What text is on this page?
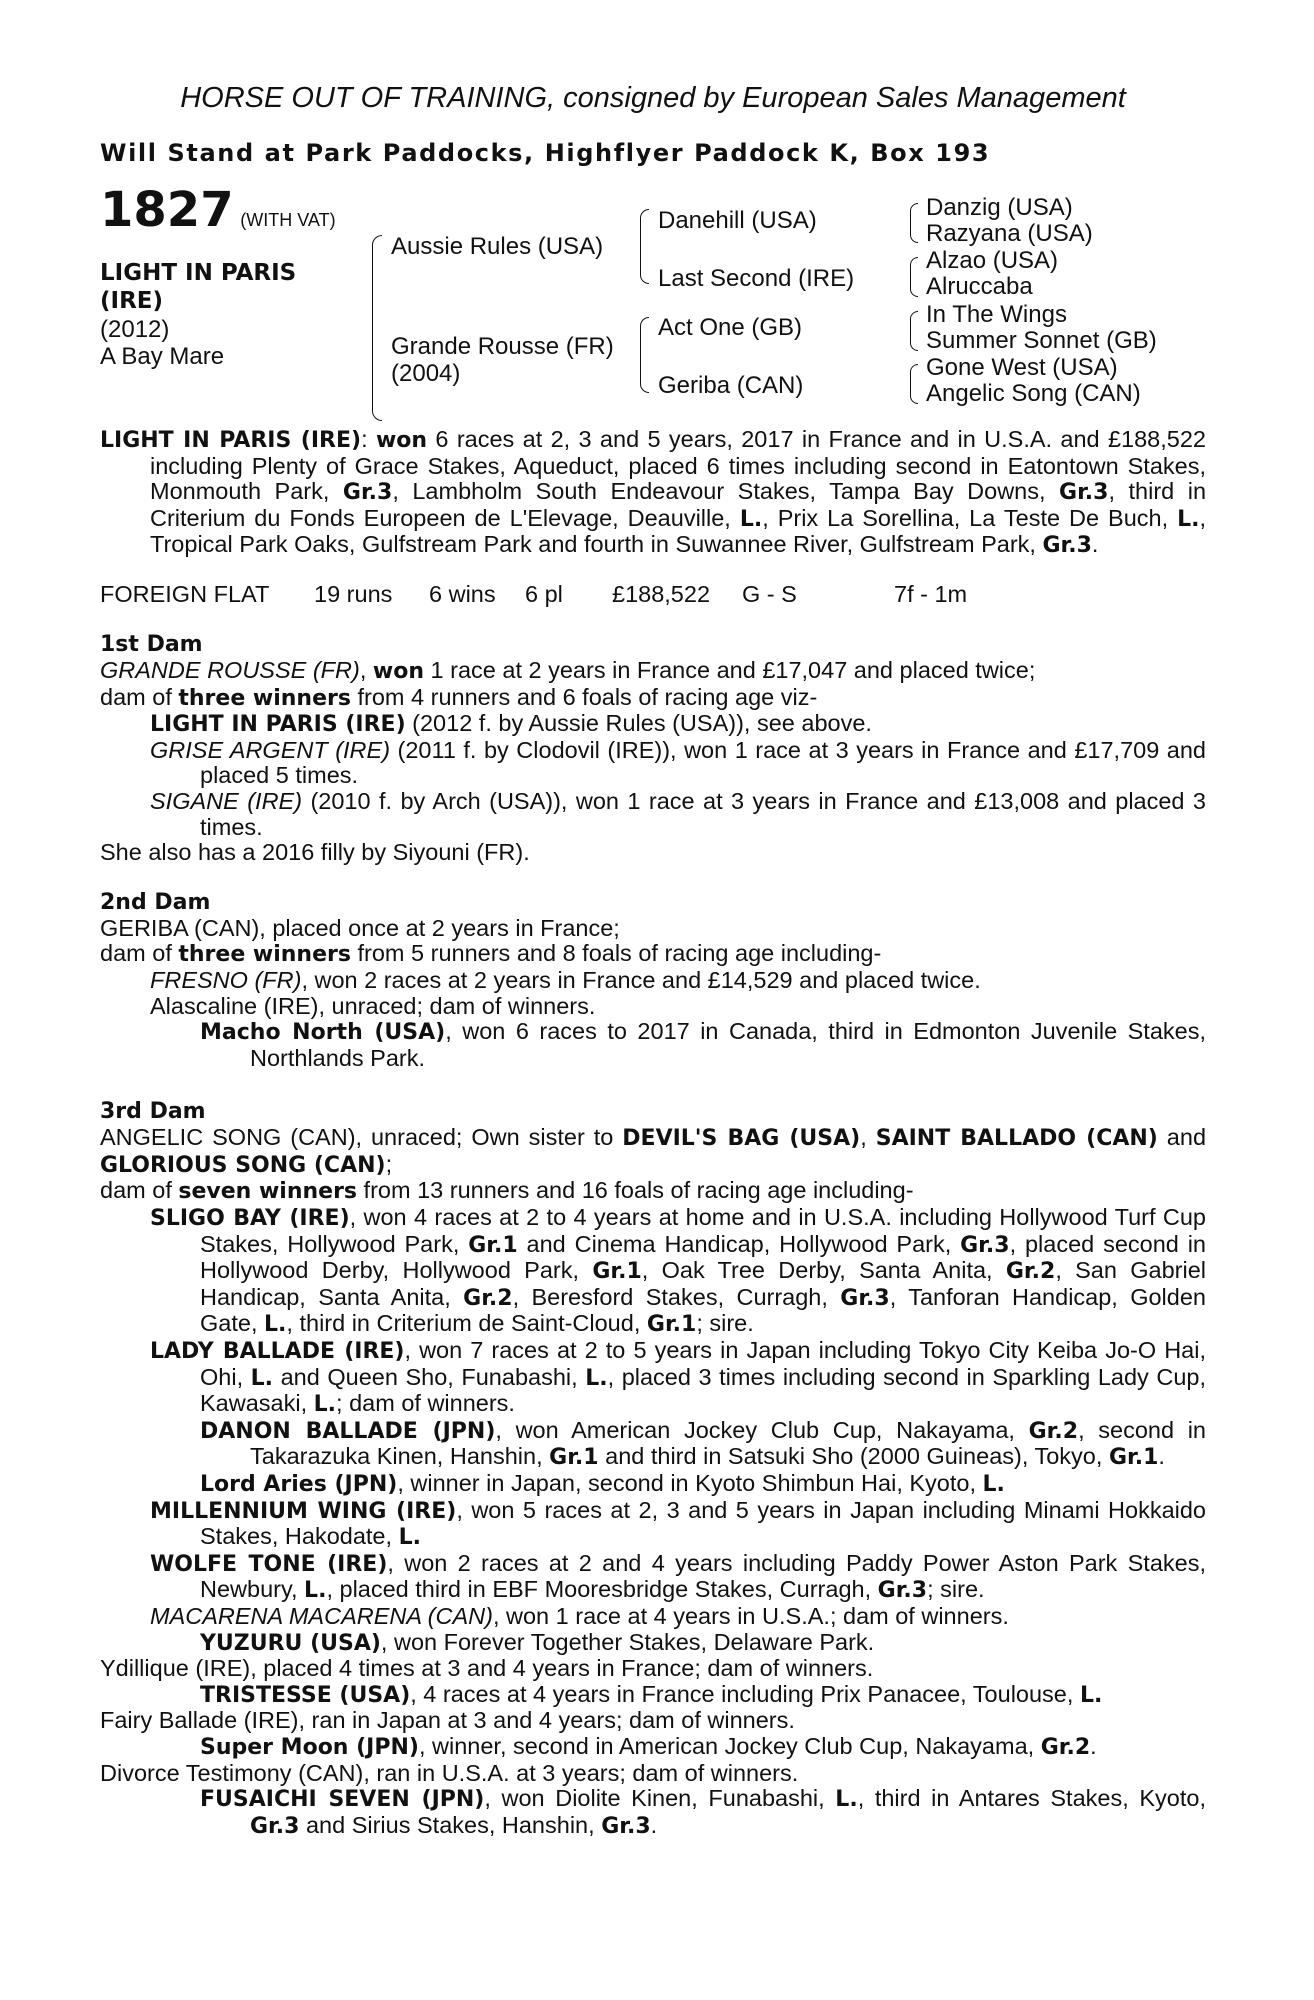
HORSE OUT OF TRAINING, consigned by European Sales Management
Will Stand at Park Paddocks, Highflyer Paddock K, Box 193
1827 (WITH VAT)
LIGHT IN PARIS
(IRE)
(2012)
A Bay Mare
Aussie Rules (USA)
Grande Rousse (FR)
(2004)
Danehill (USA)
Last Second (IRE)
Act One (GB)
Geriba (CAN)
Danzig (USA)
Razyana (USA)
Alzao (USA)
Alruccaba
In The Wings
Summer Sonnet (GB)
Gone West (USA)
Angelic Song (CAN)
LIGHT IN PARIS (IRE): won 6 races at 2, 3 and 5 years, 2017 in France and in U.S.A. and £188,522 including Plenty of Grace Stakes, Aqueduct, placed 6 times including second in Eatontown Stakes, Monmouth Park, Gr.3, Lambholm South Endeavour Stakes, Tampa Bay Downs, Gr.3, third in Criterium du Fonds Europeen de L'Elevage, Deauville, L., Prix La Sorellina, La Teste De Buch, L., Tropical Park Oaks, Gulfstream Park and fourth in Suwannee River, Gulfstream Park, Gr.3.
FOREIGN FLAT	19 runs	6 wins	6 pl	£188,522	G - S	7f - 1m
1st Dam
GRANDE ROUSSE (FR), won 1 race at 2 years in France and £17,047 and placed twice;
dam of three winners from 4 runners and 6 foals of racing age viz-
LIGHT IN PARIS (IRE) (2012 f. by Aussie Rules (USA)), see above.
GRISE ARGENT (IRE) (2011 f. by Clodovil (IRE)), won 1 race at 3 years in France and £17,709 and placed 5 times.
SIGANE (IRE) (2010 f. by Arch (USA)), won 1 race at 3 years in France and £13,008 and placed 3 times.
She also has a 2016 filly by Siyouni (FR).
2nd Dam
GERIBA (CAN), placed once at 2 years in France;
dam of three winners from 5 runners and 8 foals of racing age including-
FRESNO (FR), won 2 races at 2 years in France and £14,529 and placed twice.
Alascaline (IRE), unraced; dam of winners.
Macho North (USA), won 6 races to 2017 in Canada, third in Edmonton Juvenile Stakes, Northlands Park.
3rd Dam
ANGELIC SONG (CAN), unraced; Own sister to DEVIL'S BAG (USA), SAINT BALLADO (CAN) and GLORIOUS SONG (CAN);
dam of seven winners from 13 runners and 16 foals of racing age including-
SLIGO BAY (IRE), won 4 races at 2 to 4 years at home and in U.S.A. including Hollywood Turf Cup Stakes, Hollywood Park, Gr.1 and Cinema Handicap, Hollywood Park, Gr.3, placed second in Hollywood Derby, Hollywood Park, Gr.1, Oak Tree Derby, Santa Anita, Gr.2, San Gabriel Handicap, Santa Anita, Gr.2, Beresford Stakes, Curragh, Gr.3, Tanforan Handicap, Golden Gate, L., third in Criterium de Saint-Cloud, Gr.1; sire.
LADY BALLADE (IRE), won 7 races at 2 to 5 years in Japan including Tokyo City Keiba Jo-O Hai, Ohi, L. and Queen Sho, Funabashi, L., placed 3 times including second in Sparkling Lady Cup, Kawasaki, L.; dam of winners.
DANON BALLADE (JPN), won American Jockey Club Cup, Nakayama, Gr.2, second in Takarazuka Kinen, Hanshin, Gr.1 and third in Satsuki Sho (2000 Guineas), Tokyo, Gr.1.
Lord Aries (JPN), winner in Japan, second in Kyoto Shimbun Hai, Kyoto, L.
MILLENNIUM WING (IRE), won 5 races at 2, 3 and 5 years in Japan including Minami Hokkaido Stakes, Hakodate, L.
WOLFE TONE (IRE), won 2 races at 2 and 4 years including Paddy Power Aston Park Stakes, Newbury, L., placed third in EBF Mooresbridge Stakes, Curragh, Gr.3; sire.
MACARENA MACARENA (CAN), won 1 race at 4 years in U.S.A.; dam of winners.
YUZURU (USA), won Forever Together Stakes, Delaware Park.
Ydillique (IRE), placed 4 times at 3 and 4 years in France; dam of winners.
TRISTESSE (USA), 4 races at 4 years in France including Prix Panacee, Toulouse, L.
Fairy Ballade (IRE), ran in Japan at 3 and 4 years; dam of winners.
Super Moon (JPN), winner, second in American Jockey Club Cup, Nakayama, Gr.2.
Divorce Testimony (CAN), ran in U.S.A. at 3 years; dam of winners.
FUSAICHI SEVEN (JPN), won Diolite Kinen, Funabashi, L., third in Antares Stakes, Kyoto, Gr.3 and Sirius Stakes, Hanshin, Gr.3.
